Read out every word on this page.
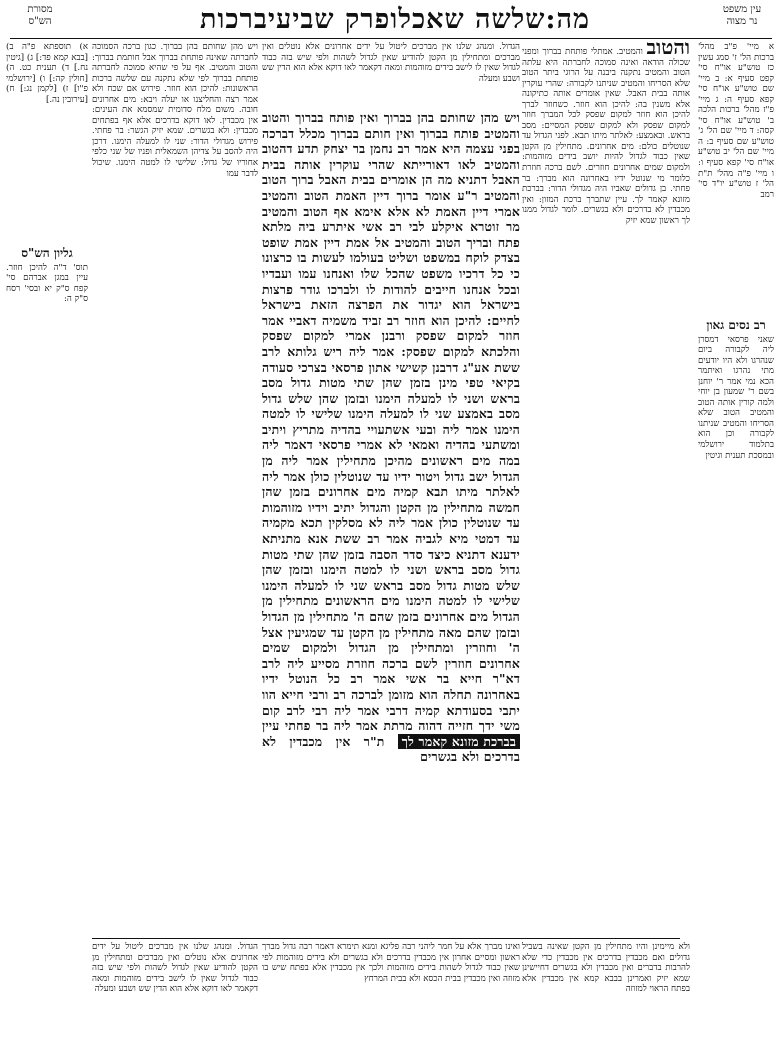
עין משפט
נר מצוה
מסורת
הש"ס	מה:
שלשה שאכלו
פרק שביעי
ברכות

א מיי' פ"ב מהל' ברכות הל' ז' סמג עשין כז טוש"ע או"ח סי' קפט סעיף א: ב מיי' שם טוש"ע או"ח סי' קפא סעיף ה: ג מיי' פ"ז מהל' ברכות הלכה ב' טוש"ע או"ח סי' קסה: ד מיי' שם הל' ג' טוש"ע שם סעיף ב: ה מיי' שם הל' יב טוש"ע או"ח סי' קפא סעיף ו: ו מיי' פ"ה מהל' ת"ת הל' ז טוש"ע יו"ד סי' רמב

רב נסים גאון

שאני פרסאי דמסרן ליה לקבורה ביום שנהרגו ולא היו יודעים מתי נהרגו ואיתמר הכא נמי אמר ר' יוחנן בשם ר' שמעון בן יוחי ולמה קורין אותה הטוב והמטיב הטוב שלא הסריחו והמטיב שניתנו לקבורה וכן הוא בתלמוד ירושלמי ובמסכת תענית וגיטין

א) תוספתא פ"ה ב) [בבא קמא פד:] ג) [גיטין נח.] ד) תענית כט. ה) [חולין קה:] ו) [ירושלמי פ"ו] ז) [לקמן נג:] ח) [עירובין נה.]

גליון הש"ס

תוס' ד"ה להיכן חוזר. עיין במגן אברהם סי' קפח ס"ק יא ובסי' רסח ס"ק ה:

והטוב והמטיב. אמתלי פותחת בברוך ומפני שכולה הודאה ואינה סמוכה לחברתה היא עלתה הטוב והמטיב נתקנה ביבנה על הרוגי ביתר הטוב שלא הסריחו והמטיב שניתנו לקבורה: שהרי עוקרין אותה בבית האבל. שאין אומרים אותה כתיקונה אלא משנין בה: להיכן הוא חוזר. כשחוזר לברך להיכן הוא חוזר למקום שפסק לכל המברך חוזר למקום שפסק ולא למקום שפסק המסיים: מסב בראש. ובאמצע: לאלתר מיתו תבא. לפני הגדול עד שנוטלים כולם: מים אחרונים. מתחילין מן הקטן שאין כבוד לגדול להיות יושב בידים מזוהמות: ולמקום שמים אחרונים חוזרים. לשם ברכה חוזרת כלומר מי שנוטל ידיו באחרונה הוא מברך: בר פחתי. בן גדולים שאביו היה מגדולי הדור: בברכת מזונא קאמר לך. עיין שתברך ברכת המזון: ואין מכבדין לא בדרכים ולא בגשרים. לומר לגדול ממנו לך ראשון שמא יזיק

ויש מהן שחותם בהן בברוך ואין פותח בברוך והטוב והמטיב פותח בברוך ואין חותם בברוך מכלל דברכה בפני עצמה היא אמר רב נחמן בר יצחק תדע דהטוב והמטיב לאו דאורייתא שהרי עוקרין אותה בבית האבל דתניא מה הן אומרים בבית האבל ברוך הטוב והמטיב ר"ע אומר ברוך דיין האמת הטוב והמטיב אמרי דיין האמת לא אלא אימא אף הטוב והמטיב מר זוטרא איקלע לבי רב אשי איתרע ביה מלתא פתח ובריך הטוב והמטיב אל אמת דיין אמת שופט בצדק לוקח במשפט ושליט בעולמו לעשות בו כרצונו כי כל דרכיו משפט שהכל שלו ואנחנו עמו ועבדיו ובכל אנחנו חייבים להודות לו ולברכו גודר פרצות בישראל הוא יגדור את הפרצה הזאת בישראל לחיים: להיכן הוא חוזר רב זביד משמיה דאביי אמר חוזר למקום שפסק ורבנן אמרי למקום שפסק והלכתא למקום שפסק: אמר ליה ריש גלותא לרב ששת אע"ג דרבנן קשישי אתון פרסאי בצרכי סעודה בקיאי טפי מינן בזמן שהן שתי מטות גדול מסב בראש ושני לו למעלה הימנו ובזמן שהן שלש גדול מסב באמצע שני לו למעלה הימנו שלישי לו למטה הימנו אמר ליה ובעי אשתעויי בהדיה מתריץ ויתיב ומשתעי בהדיה ואמאי לא אמרי פרסאי דאמר ליה במה מים ראשונים מהיכן מתחילין אמר ליה מן הגדול ישב גדול ויטור ידיו עד שנוטלין כולן אמר ליה לאלתר מיתו תבא קמיה מים אחרונים בזמן שהן חמשה מתחילין מן הקטן והגדול יתיב וידיו מזוהמות עד שנוטלין כולן אמר ליה לא מסלקין תכא מקמיה עד דמטי מיא לגביה אמר רב ששת אנא מתניתא ידענא דתניא כיצד סדר הסבה בזמן שהן שתי מטות גדול מסב בראש ושני לו למטה הימנו ובזמן שהן שלש מטות גדול מסב בראש שני לו למעלה הימנו שלישי לו למטה הימנו מים הראשונים מתחילין מן הגדול מים אחרונים בזמן שהם ה' מתחילין מן הגדול ובזמן שהם מאה מתחילין מן הקטן עד שמגיעין אצל ה' וחוזרין ומתחילין מן הגדול ולמקום שמים אחרונים חוזרין לשם ברכה חוזרת מסייע ליה לרב דא"ר חייא בר אשי אמר רב כל הנוטל ידיו באחרונה תחלה הוא מזומן לברכה רב ורבי חייא הוו יתבי בסעודתא קמיה דרבי אמר ליה רבי לרב קום משי ידך חזייה דהוה מרתת אמר ליה בר פחתי עיין בברכת מזונא קאמר לך ת"ר אין מכבדין לא בדרכים ולא בגשרים

ויש מהן שחותם בהן בברוך. כגון ברכה הסמוכה לחברתה שאינה פותחת בברוך אבל חותמת בברוך: והטוב והמטיב. אף על פי שהיא סמוכה לחברתה פותחת בברוך לפי שלא נתקנה עם שלשה ברכות הראשונות: להיכן הוא חוזר. פירוש אם שכח ולא אמר רצה והחליצנו או יעלה ויבא: מים אחרונים חובה. משום מלח סדומית שמסמא את העינים: אין מכבדין. לאו דוקא בדרכים אלא אף בפתחים מכבדין: ולא בגשרים. שמא יזיק הגשר: בר פחתי. פירוש מגדולי הדור: שני לו למעלה הימנו. דרכן היה להסב על צדיהן השמאלית ופניו של שני כלפי אחוריו של גדול: שלישי לו למטה הימנו. שיכול לדבר עמו

הגדול. ומנהג שלנו אין מברכים ליטול על ידים אחרונים אלא נוטלים ואין מברכים ומתחילין מן הקטן להודיע שאין לגדול לשהות ולפי שיש בזה כבוד לגדול שאין לו לישב בידים מזוהמות ומאה דקאמר לאו דוקא אלא הוא הדין שש ושבע ומעלה

ולא מיימינן והיו מתחילין מן הקטן שאינה בשביל גדולים ואם מכבדין בדרכים אין מכבדין כדי שלא להרבות בדברים ואין מכבדין ולא בגשרים דחיישינן שמא יזיק ואמרינן בבבא קמא אין מכבדין אלא בפתח הראוי למזוזה

ואינו מברך אלא על חמר ליהני רבה פליגא ומנא תימרא דאמר רבה גדול מברך ראשון ומסיים אחרון אין מכבדין בדרכים ולא בגשרים ולא בידים מזוהמות לפי שאין כבוד לגדול לשהות בידים מזוהמות ולכך אין מכבדין אלא בפתח שיש בו מזוזה ואין מכבדין בבית הכסא ולא בבית המרחץ

הגדול. ומנהג שלנו אין מברכים ליטול על ידים אחרונים אלא נוטלים ואין מברכים ומתחילין מן הקטן להודיע שאין לגדול לשהות ולפי שיש בזה כבוד לגדול שאין לו לישב בידים מזוהמות ומאה דקאמר לאו דוקא אלא הוא הדין שש ושבע ומעלה
